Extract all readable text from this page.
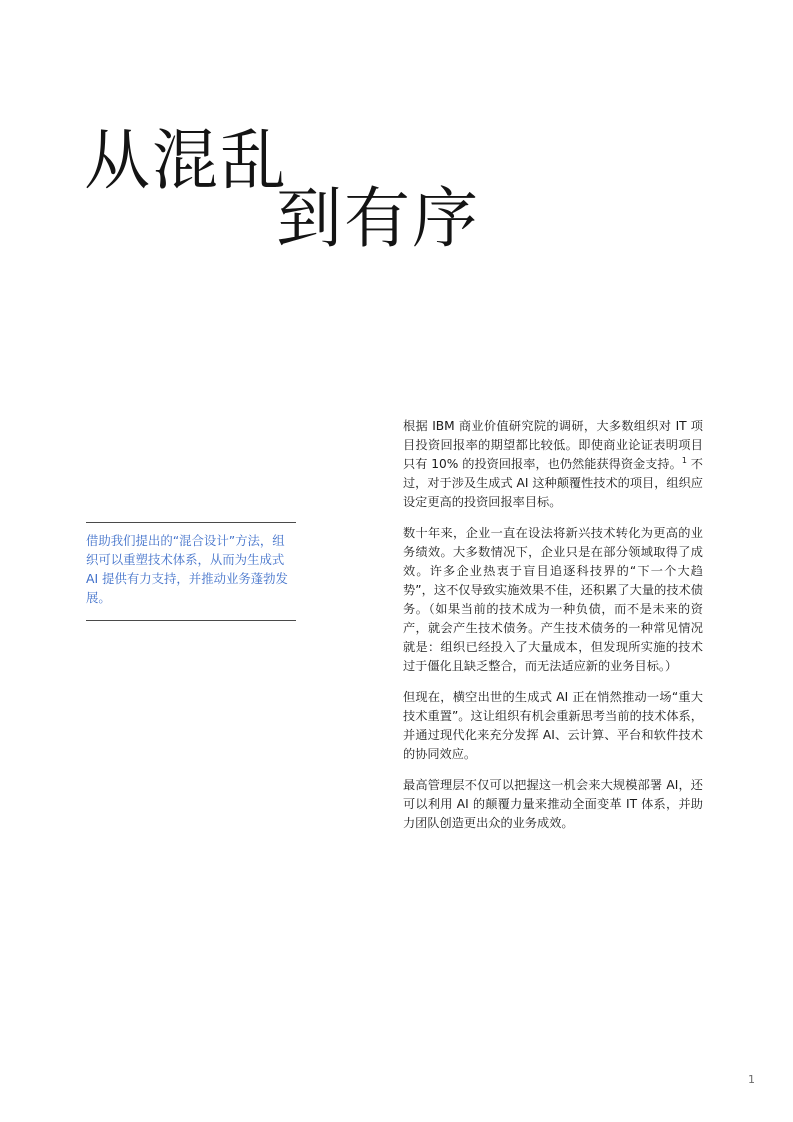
从混乱
到有序
借助我们提出的“混合设计”方法，组织可以重塑技术体系，从而为生成式 AI 提供有力支持，并推动业务蓬勃发展。

根据 IBM 商业价值研究院的调研，大多数组织对 IT 项目投资回报率的期望都比较低。即使商业论证表明项目只有 10% 的投资回报率，也仍然能获得资金支持。$^1$ 不过，对于涉及生成式 AI 这种颠覆性技术的项目，组织应设定更高的投资回报率目标。

数十年来，企业一直在设法将新兴技术转化为更高的业务绩效。大多数情况下，企业只是在部分领域取得了成效。许多企业热衷于盲目追逐科技界的“下一个大趋势”，这不仅导致实施效果不佳，还积累了大量的技术债务。（如果当前的技术成为一种负债，而不是未来的资产，就会产生技术债务。产生技术债务的一种常见情况就是：组织已经投入了大量成本，但发现所实施的技术过于僵化且缺乏整合，而无法适应新的业务目标。）

但现在，横空出世的生成式 AI 正在悄然推动一场“重大技术重置”。这让组织有机会重新思考当前的技术体系，并通过现代化来充分发挥 AI、云计算、平台和软件技术的协同效应。

最高管理层不仅可以把握这一机会来大规模部署 AI，还可以利用 AI 的颠覆力量来推动全面变革 IT 体系，并助力团队创造更出众的业务成效。

1
